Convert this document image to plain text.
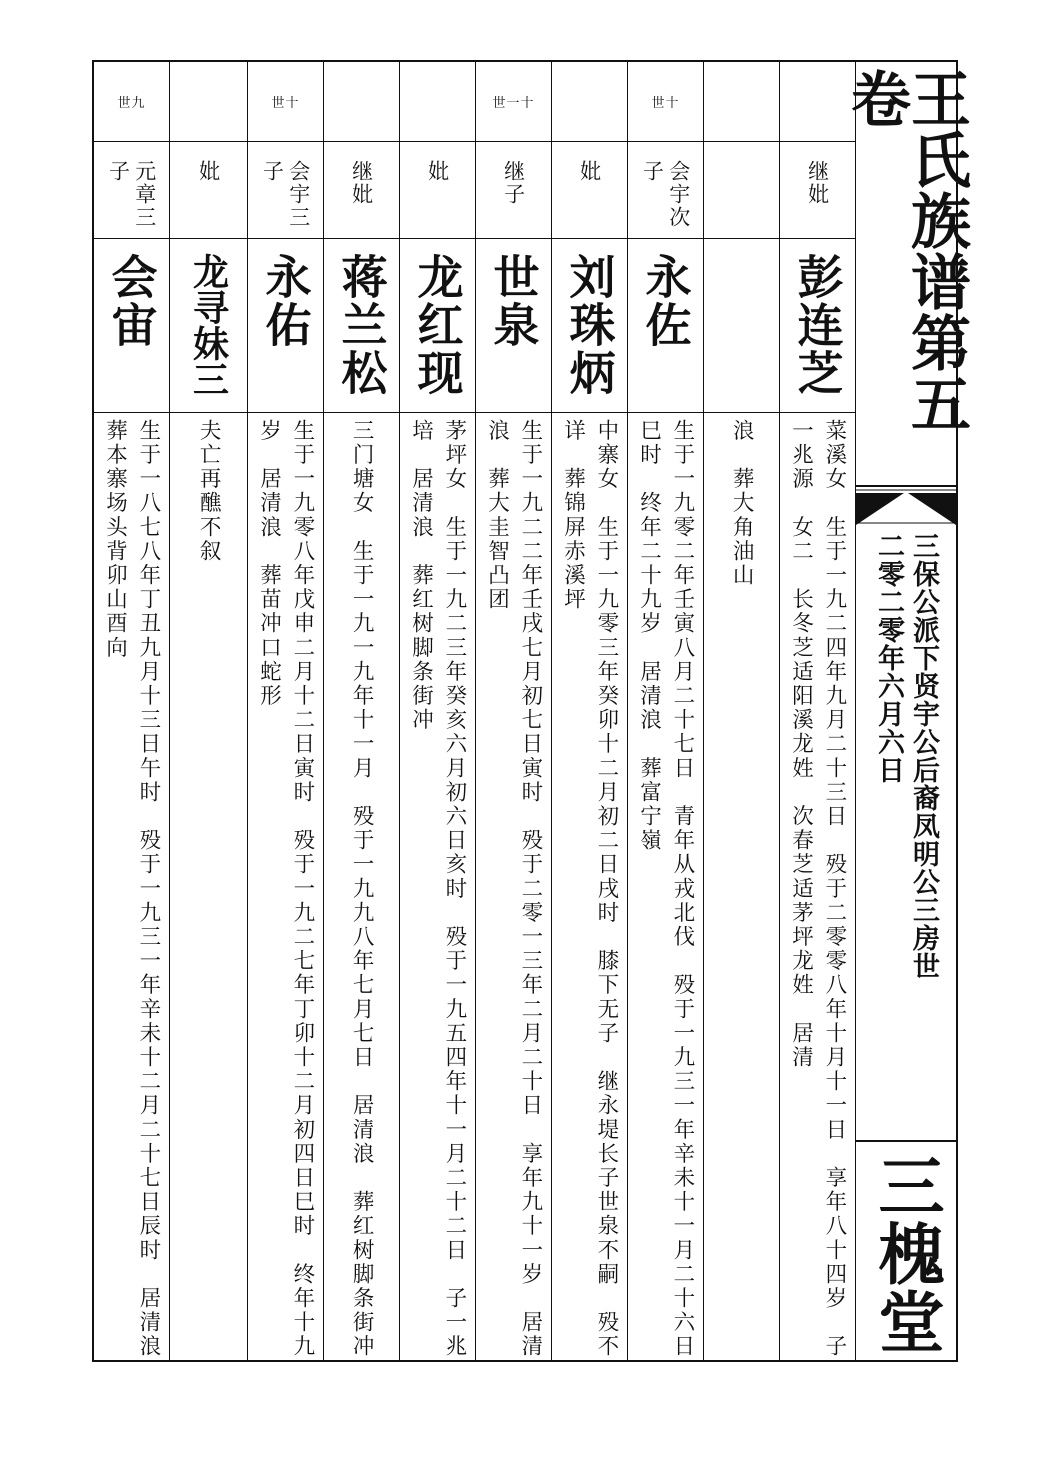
王氏族谱第五卷
三保公派下贤宇公后裔凤明公三房世
二零二零年六月六日
三槐堂
继妣
彭连芝
菜溪女　生于一九二四年九月二十三日　殁于二零零八年十月十一日　享年八十四岁　子一兆源　女二　长冬芝适阳溪龙姓　次春芝适茅坪龙姓　居清
浪　葬大角油山
世十
会宇次子
永佐
生于一九零二年壬寅八月二十七日　青年从戎北伐　殁于一九三一年辛未十一月二十六日巳时　终年二十九岁　居清浪　葬富宁嶺
妣
刘珠炳
中寨女　生于一九零三年癸卯十二月初二日戌时　膝下无子　继永堤长子世泉不嗣　殁不详　葬锦屏赤溪坪
世一十
继子
世泉
生于一九二二年壬戌七月初七日寅时　殁于二零一三年二月二十日　享年九十一岁　居清浪　葬大圭智凸团
妣
龙红现
茅坪女　生于一九二三年癸亥六月初六日亥时　殁于一九五四年十一月二十二日　子一兆培　居清浪　葬红树脚条街冲
继妣
蒋兰松
三门塘女　生于一九一九年十一月　殁于一九九八年七月七日　居清浪　葬红树脚条街冲
世十
会宇三子
永佑
生于一九零八年戊申二月十二日寅时　殁于一九二七年丁卯十二月初四日巳时　终年十九岁　居清浪　葬苗冲口蛇形
妣
龙寻妹三
夫亡再醮不叙
世九
元章三子
会宙
生于一八七八年丁丑九月十三日午时　殁于一九三一年辛未十二月二十七日辰时　居清浪　葬本寨场头背卯山酉向
